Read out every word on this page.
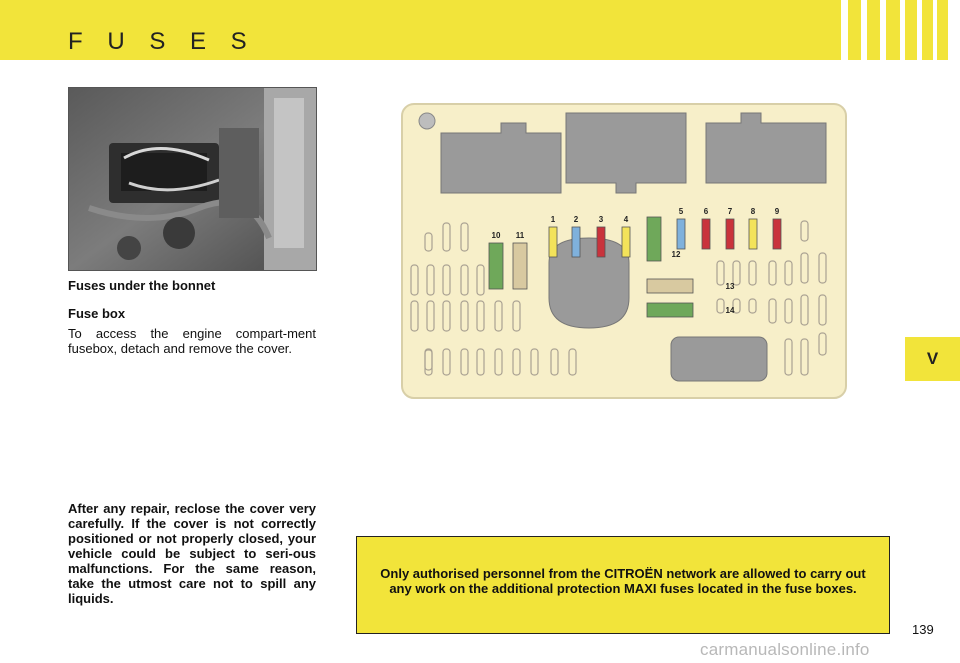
F U S E S
V
Fuses under the bonnet
Fuse box
To access the engine compart-ment fusebox, detach and remove the cover.
After any repair, reclose the cover very carefully. If the cover is not correctly positioned or not properly closed, your vehicle could be subject to seri-ous malfunctions. For the same reason, take the utmost care not to spill any liquids.
1 2	3	4
5	6 7 8 9
10 11
12
13
14
Only authorised personnel from the CITROËN network are allowed to carry out any work on the additional protection MAXI fuses located in the fuse boxes.
139
carmanualsonline.info
